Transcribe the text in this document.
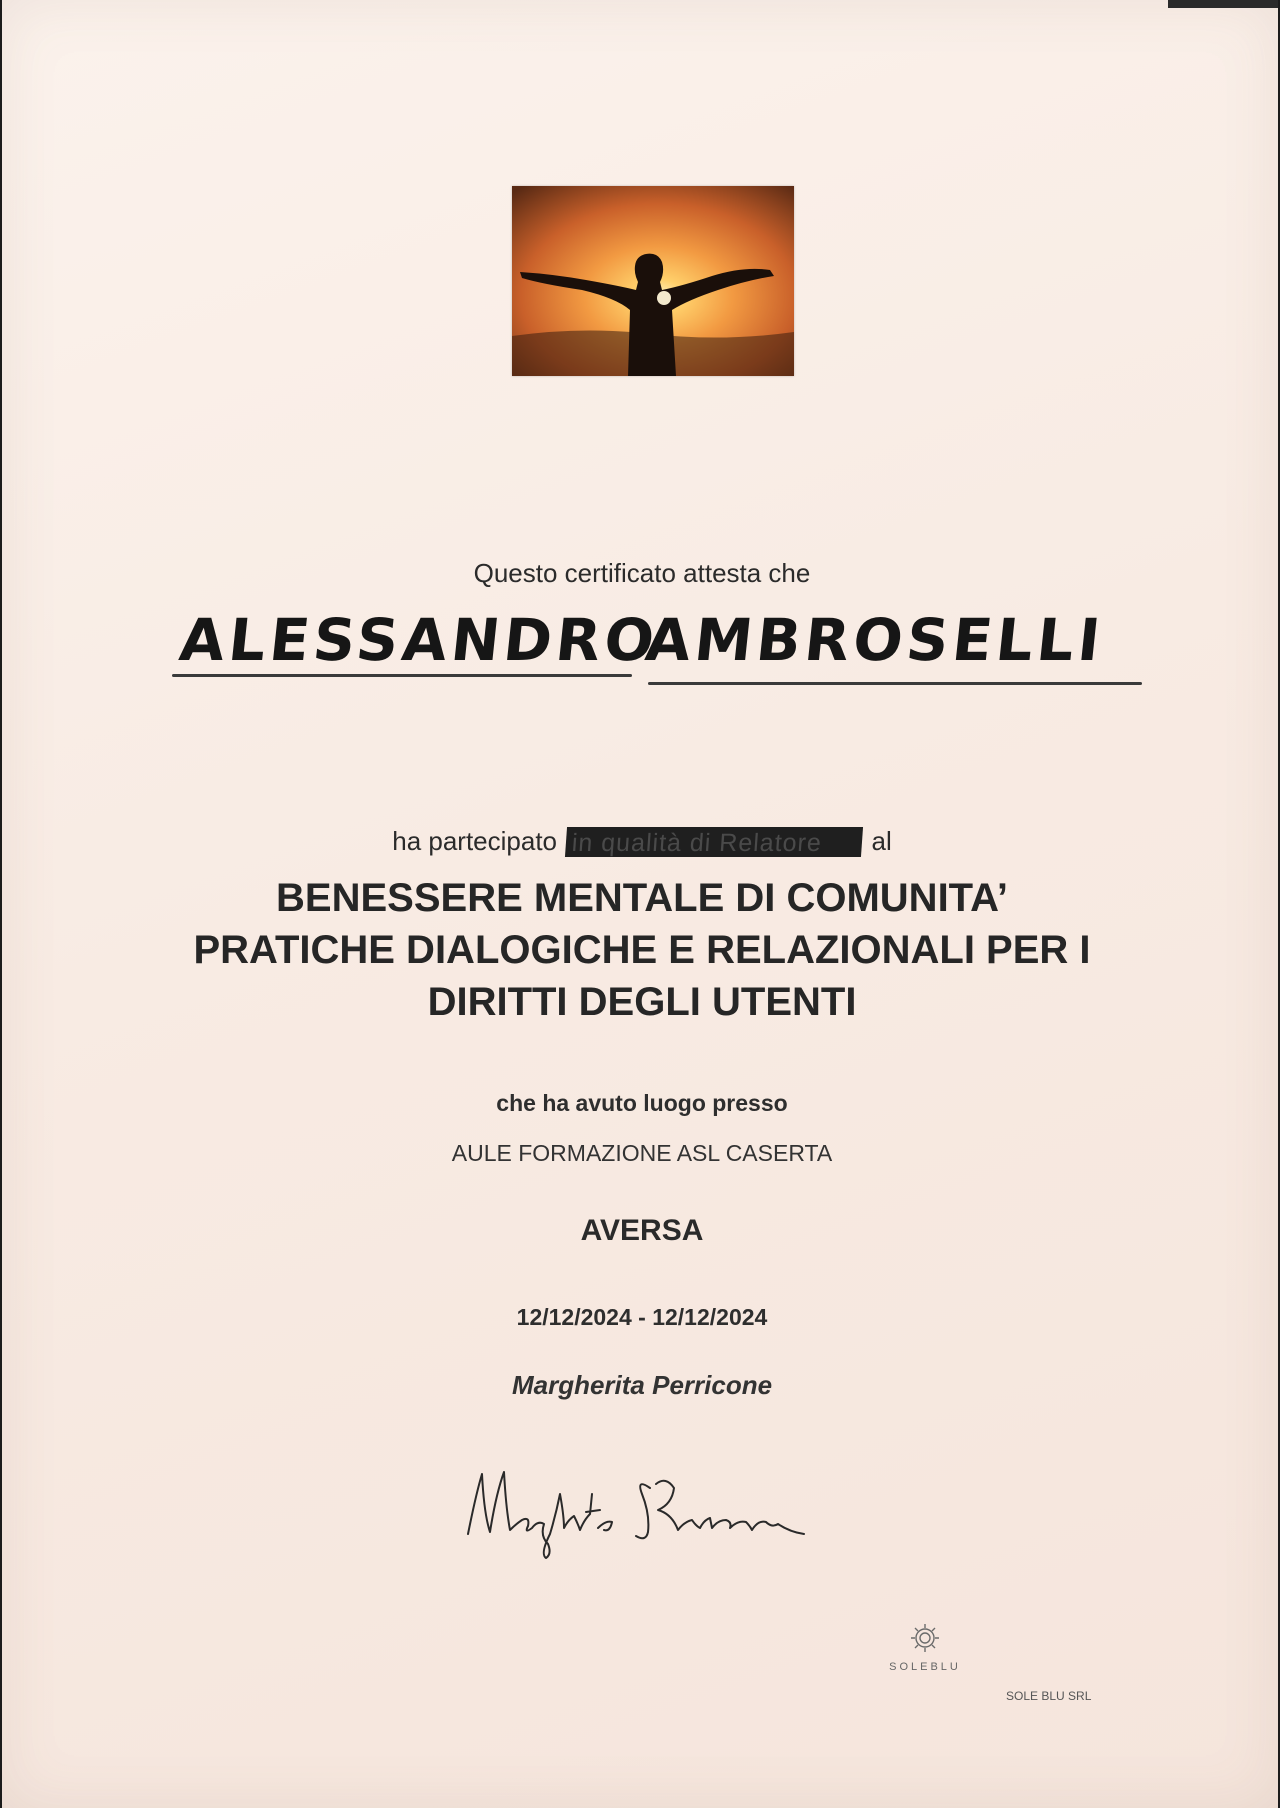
Questo certificato attesta che
ALESSANDRO
AMBROSELLI
ha partecipato in qualità di Relatore al
BENESSERE MENTALE DI COMUNITA’
PRATICHE DIALOGICHE E RELAZIONALI PER I
DIRITTI DEGLI UTENTI
che ha avuto luogo presso
AULE FORMAZIONE ASL CASERTA
AVERSA
12/12/2024 - 12/12/2024
Margherita Perricone
SOLEBLU
SOLE BLU SRL
